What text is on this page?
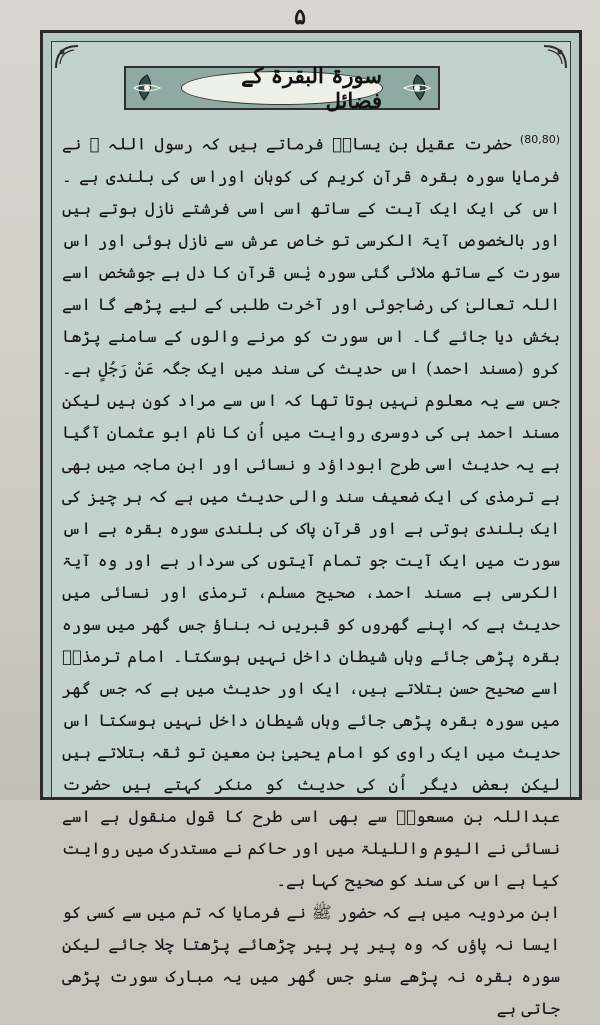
۵
سورۃ البقرۃ کے فضائل

$^{(80,80)}$ حضرت عقیل بن یسارؓ فرماتے ہیں کہ رسول اللہ ﷺ نے فرمایا سورہ بقرہ قرآن کریم کی کوہان اوراس کی بلندی ہے ۔ اس کی ایک ایک آیت کے ساتھ اسی اسی فرشتے نازل ہوتے ہیں اور بالخصوص آیۃ الکرسی تو خاص عرش سے نازل ہوئی اور اس سورت کے ساتھ ملائی گئی سورہ یٰس قرآن کا دل ہے جوشخص اسے اللہ تعالیٰ کی رضاجوئی اور آخرت طلبی کے لیے پڑھے گا اسے بخش دیا جائے گا۔ اس سورت کو مرنے والوں کے سامنے پڑھا کرو (مسند احمد) اس حدیث کی سند میں ایک جگہ عَنْ رَجُلٍ ہے۔ جس سے یہ معلوم نہیں ہوتا تھا کہ اس سے مراد کون ہیں لیکن مسند احمد ہی کی دوسری روایت میں اُن کا نام ابو عثمان آگیا ہے یہ حدیث اسی طرح ابوداؤد و نسائی اور ابن ماجہ میں بھی ہے ترمذی کی ایک ضعیف سند والی حدیث میں ہے کہ ہر چیز کی ایک بلندی ہوتی ہے اور قرآن پاک کی بلندی سورہ بقرہ ہے اس سورت میں ایک آیت جو تمام آیتوں کی سردار ہے اور وہ آیۃ الکرسی ہے مسند احمد، صحیح مسلم، ترمذی اور نسائی میں حدیث ہے کہ اپنے گھروں کو قبریں نہ بناؤ جس گھر میں سورہ بقرہ پڑھی جائے وہاں شیطان داخل نہیں ہوسکتا۔ امام ترمذیؒ اسے صحیح حسن بتلاتے ہیں، ایک اور حدیث میں ہے کہ جس گھر میں سورہ بقرہ پڑھی جائے وہاں شیطان داخل نہیں ہوسکتا اس حدیث میں ایک راوی کو امام یحییٰ بن معین تو ثقہ بتلاتے ہیں لیکن بعض دیگر اُن کی حدیث کو منکر کہتے ہیں حضرت عبداللہ بن مسعودؓ سے بھی اسی طرح کا قول منقول ہے اسے نسائی نے الیوم واللیلۃ میں اور حاکم نے مستدرک میں روایت کیا ہے اس کی سند کو صحیح کہا ہے۔

ابن مردویہ میں ہے کہ حضور ﷺ نے فرمایا کہ تم میں سے کسی کو ایسا نہ پاؤں کہ وہ پیر پر پیر چڑھائے پڑھتا چلا جائے لیکن سورہ بقرہ نہ پڑھے سنو جس گھر میں یہ مبارک سورت پڑھی جاتی ہے
